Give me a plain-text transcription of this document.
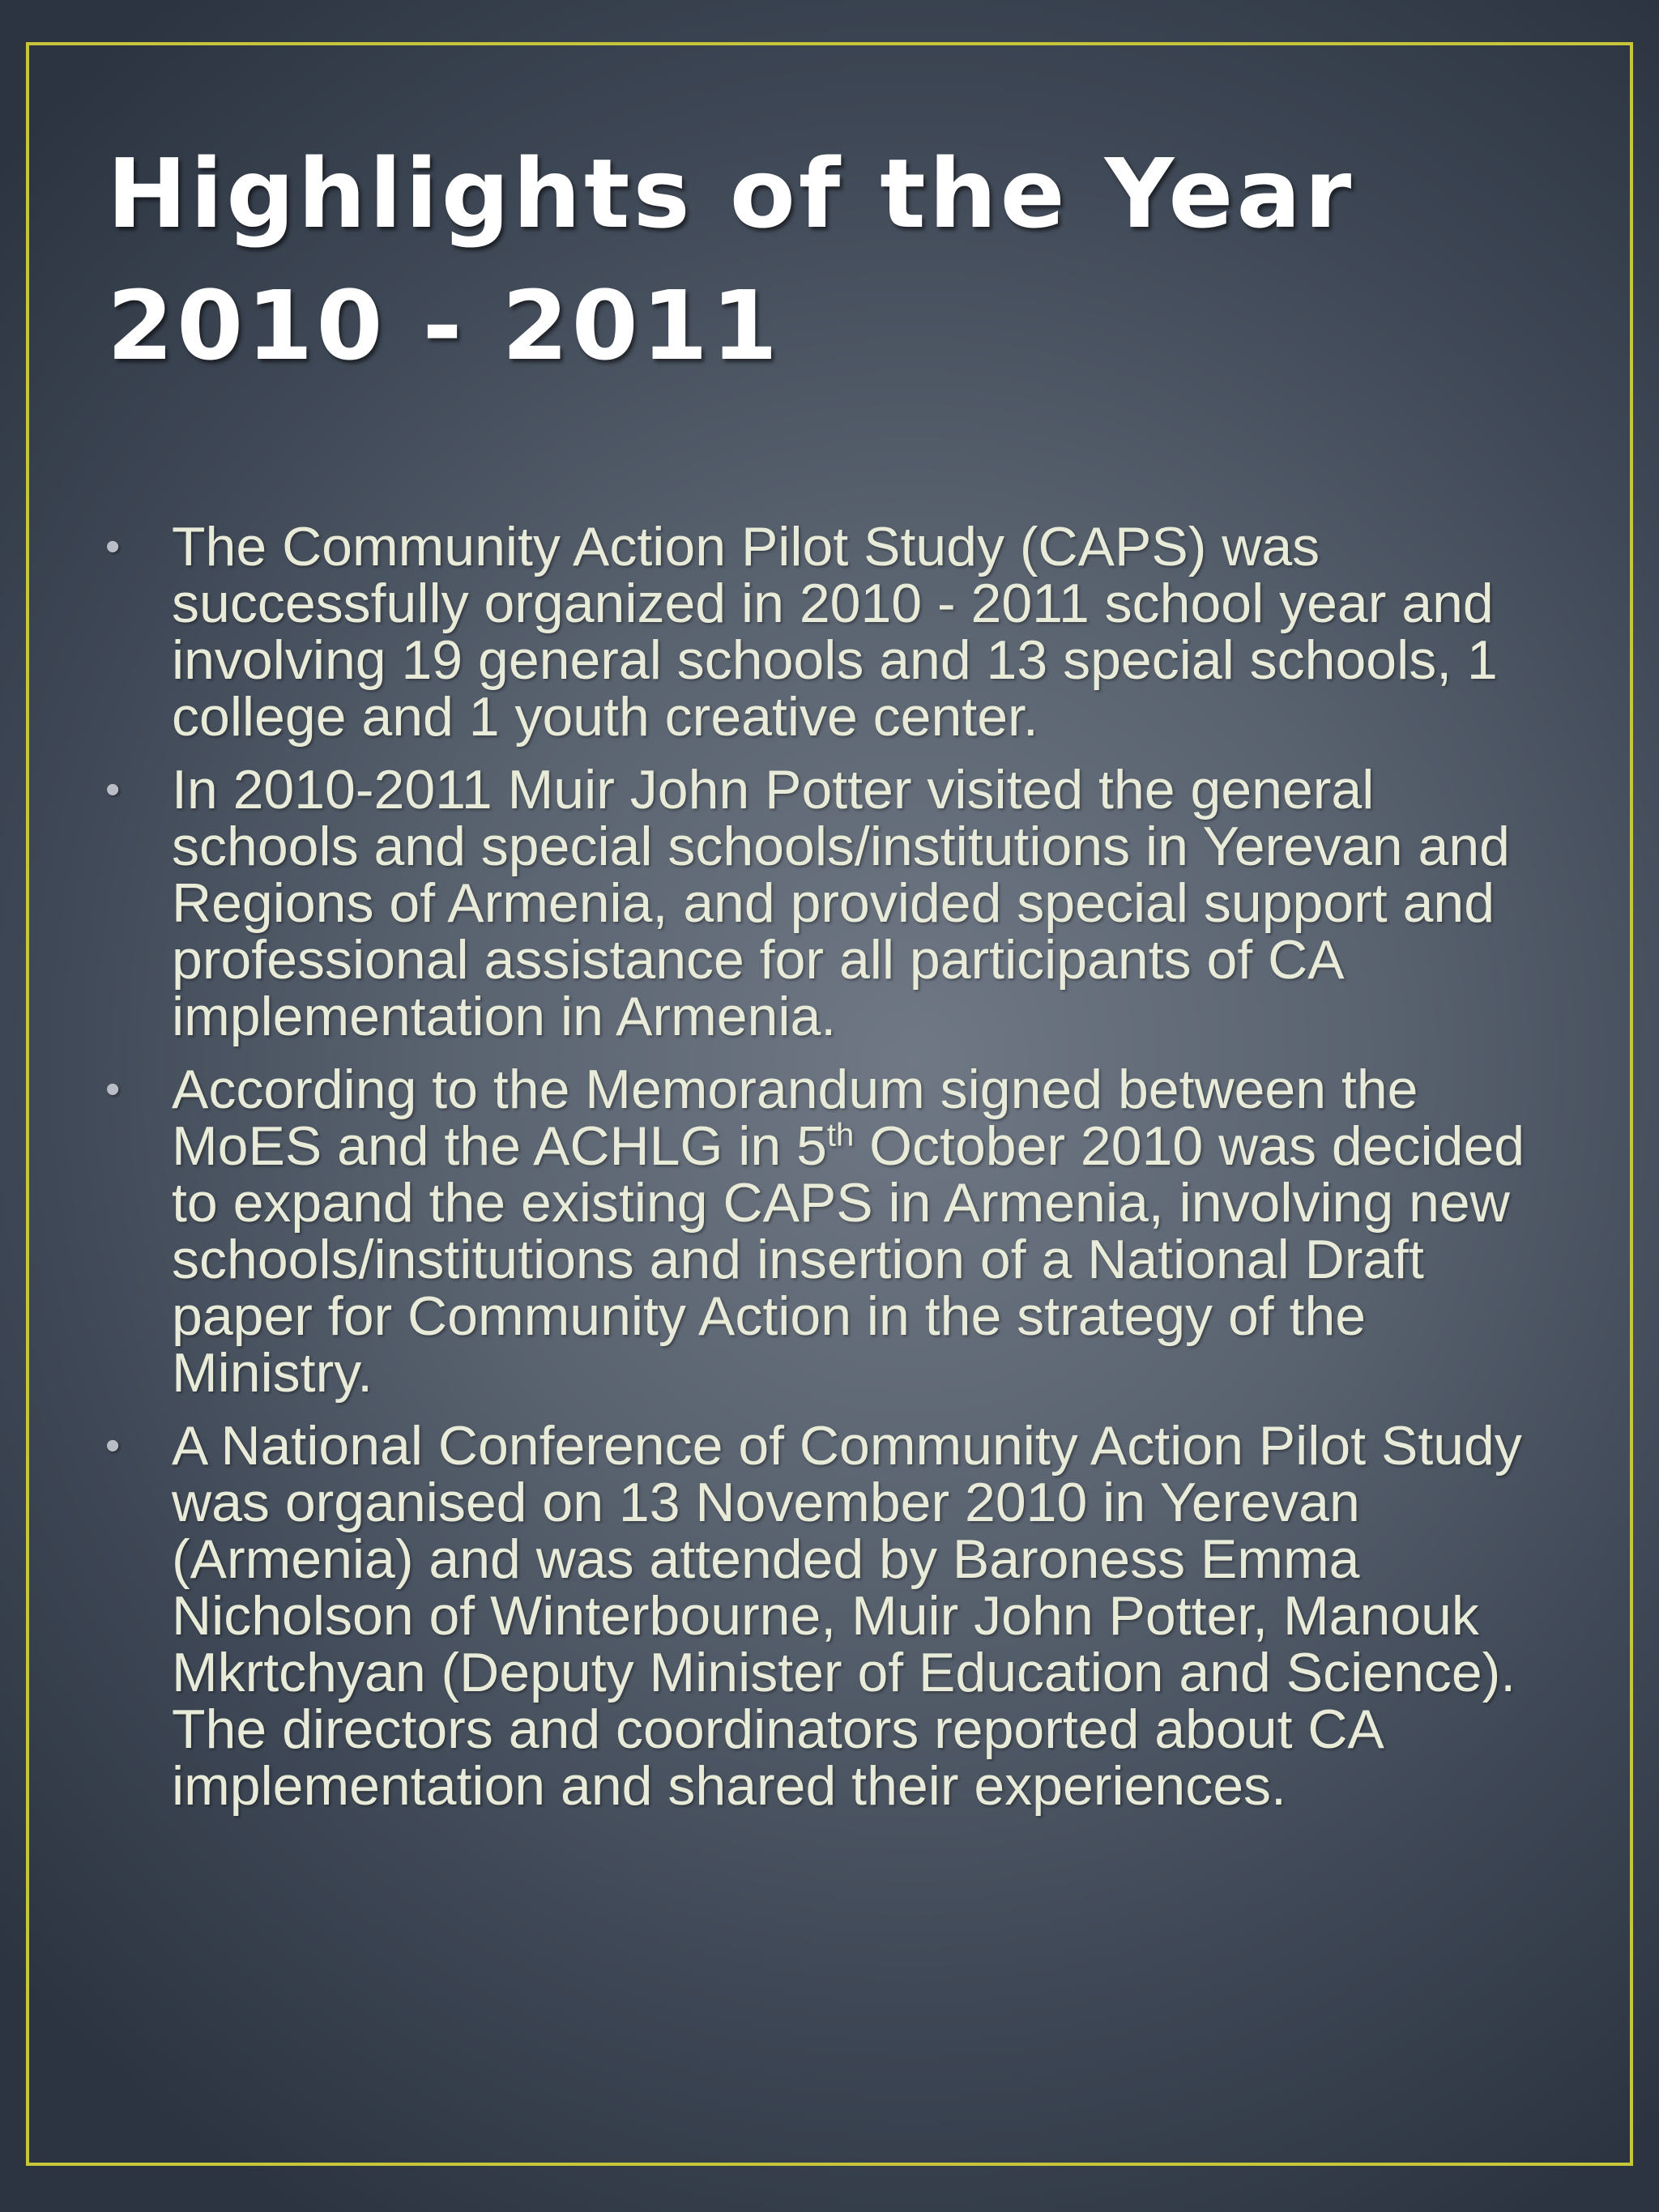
Highlights of the Year
2010 - 2011
• The Community Action Pilot Study (CAPS) was successfully organized in 2010 - 2011 school year and involving 19 general schools and 13 special schools, 1 college and 1 youth creative center.
• In 2010-2011 Muir John Potter visited the general schools and special schools/institutions in Yerevan and Regions of Armenia, and provided special support and professional assistance for all participants of CA implementation in Armenia.
• According to the Memorandum signed between the MoES and the ACHLG in 5th October 2010 was decided to expand the existing CAPS in Armenia, involving new schools/institutions and insertion of a National Draft paper for Community Action in the strategy of the Ministry.
• A National Conference of Community Action Pilot Study was organised on 13 November 2010 in Yerevan (Armenia) and was attended by Baroness Emma Nicholson of Winterbourne, Muir John Potter, Manouk Mkrtchyan (Deputy Minister of Education and Science). The directors and coordinators reported about CA implementation and shared their experiences.
